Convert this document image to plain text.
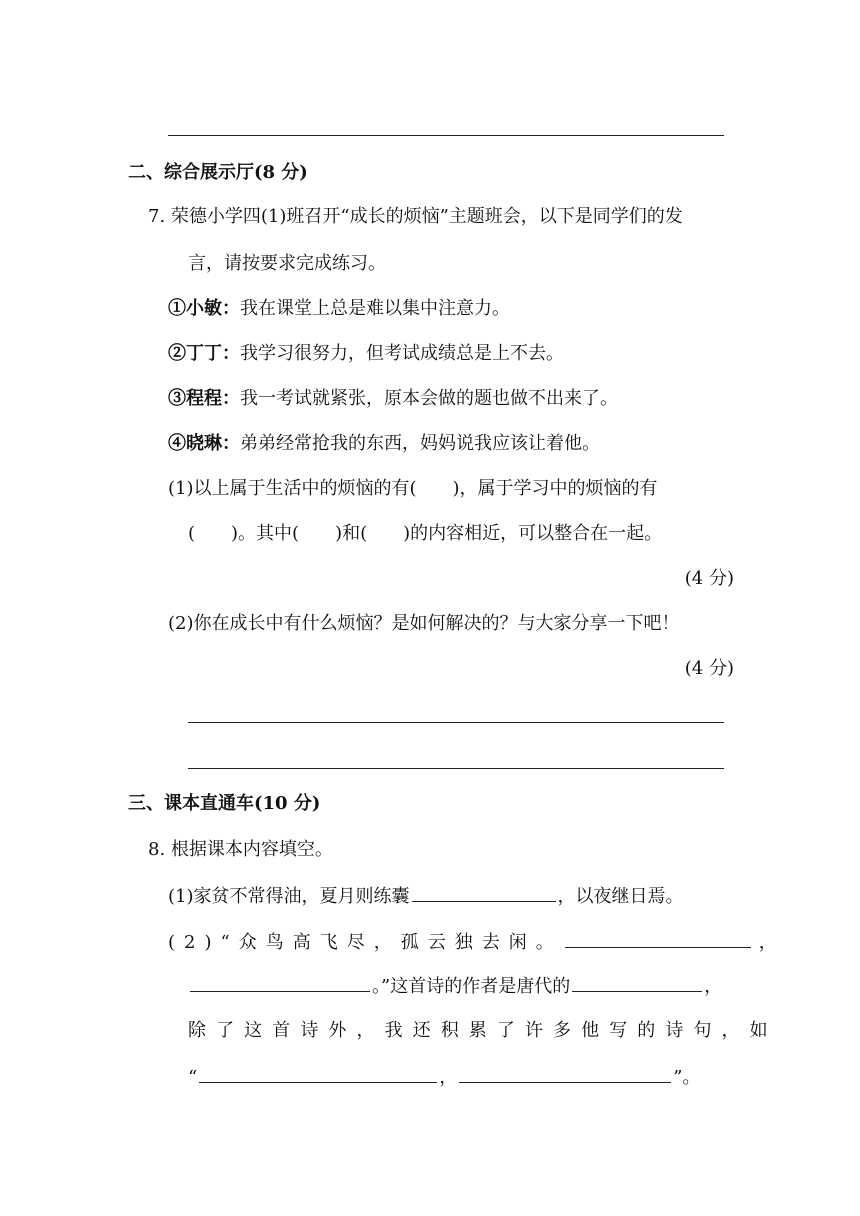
二、综合展示厅(8 分)
7. 荣德小学四(1)班召开“成长的烦恼”主题班会，以下是同学们的发
言，请按要求完成练习。
①小敏：我在课堂上总是难以集中注意力。
②丁丁：我学习很努力，但考试成绩总是上不去。
③程程：我一考试就紧张，原本会做的题也做不出来了。
④晓琳：弟弟经常抢我的东西，妈妈说我应该让着他。
(1)以上属于生活中的烦恼的有(　　)，属于学习中的烦恼的有
(　　)。其中(　　)和(　　)的内容相近，可以整合在一起。
(4 分)
(2)你在成长中有什么烦恼？是如何解决的？与大家分享一下吧！
(4 分)
三、课本直通车(10 分)
8. 根据课本内容填空。
(1)家贫不常得油，夏月则练囊	，以夜继日焉。
(2)“众鸟高飞尽，孤云独去闲。	，
。”这首诗的作者是唐代的	，
除了这首诗外，我还积累了许多他写的诗句，如
“	，	”。
